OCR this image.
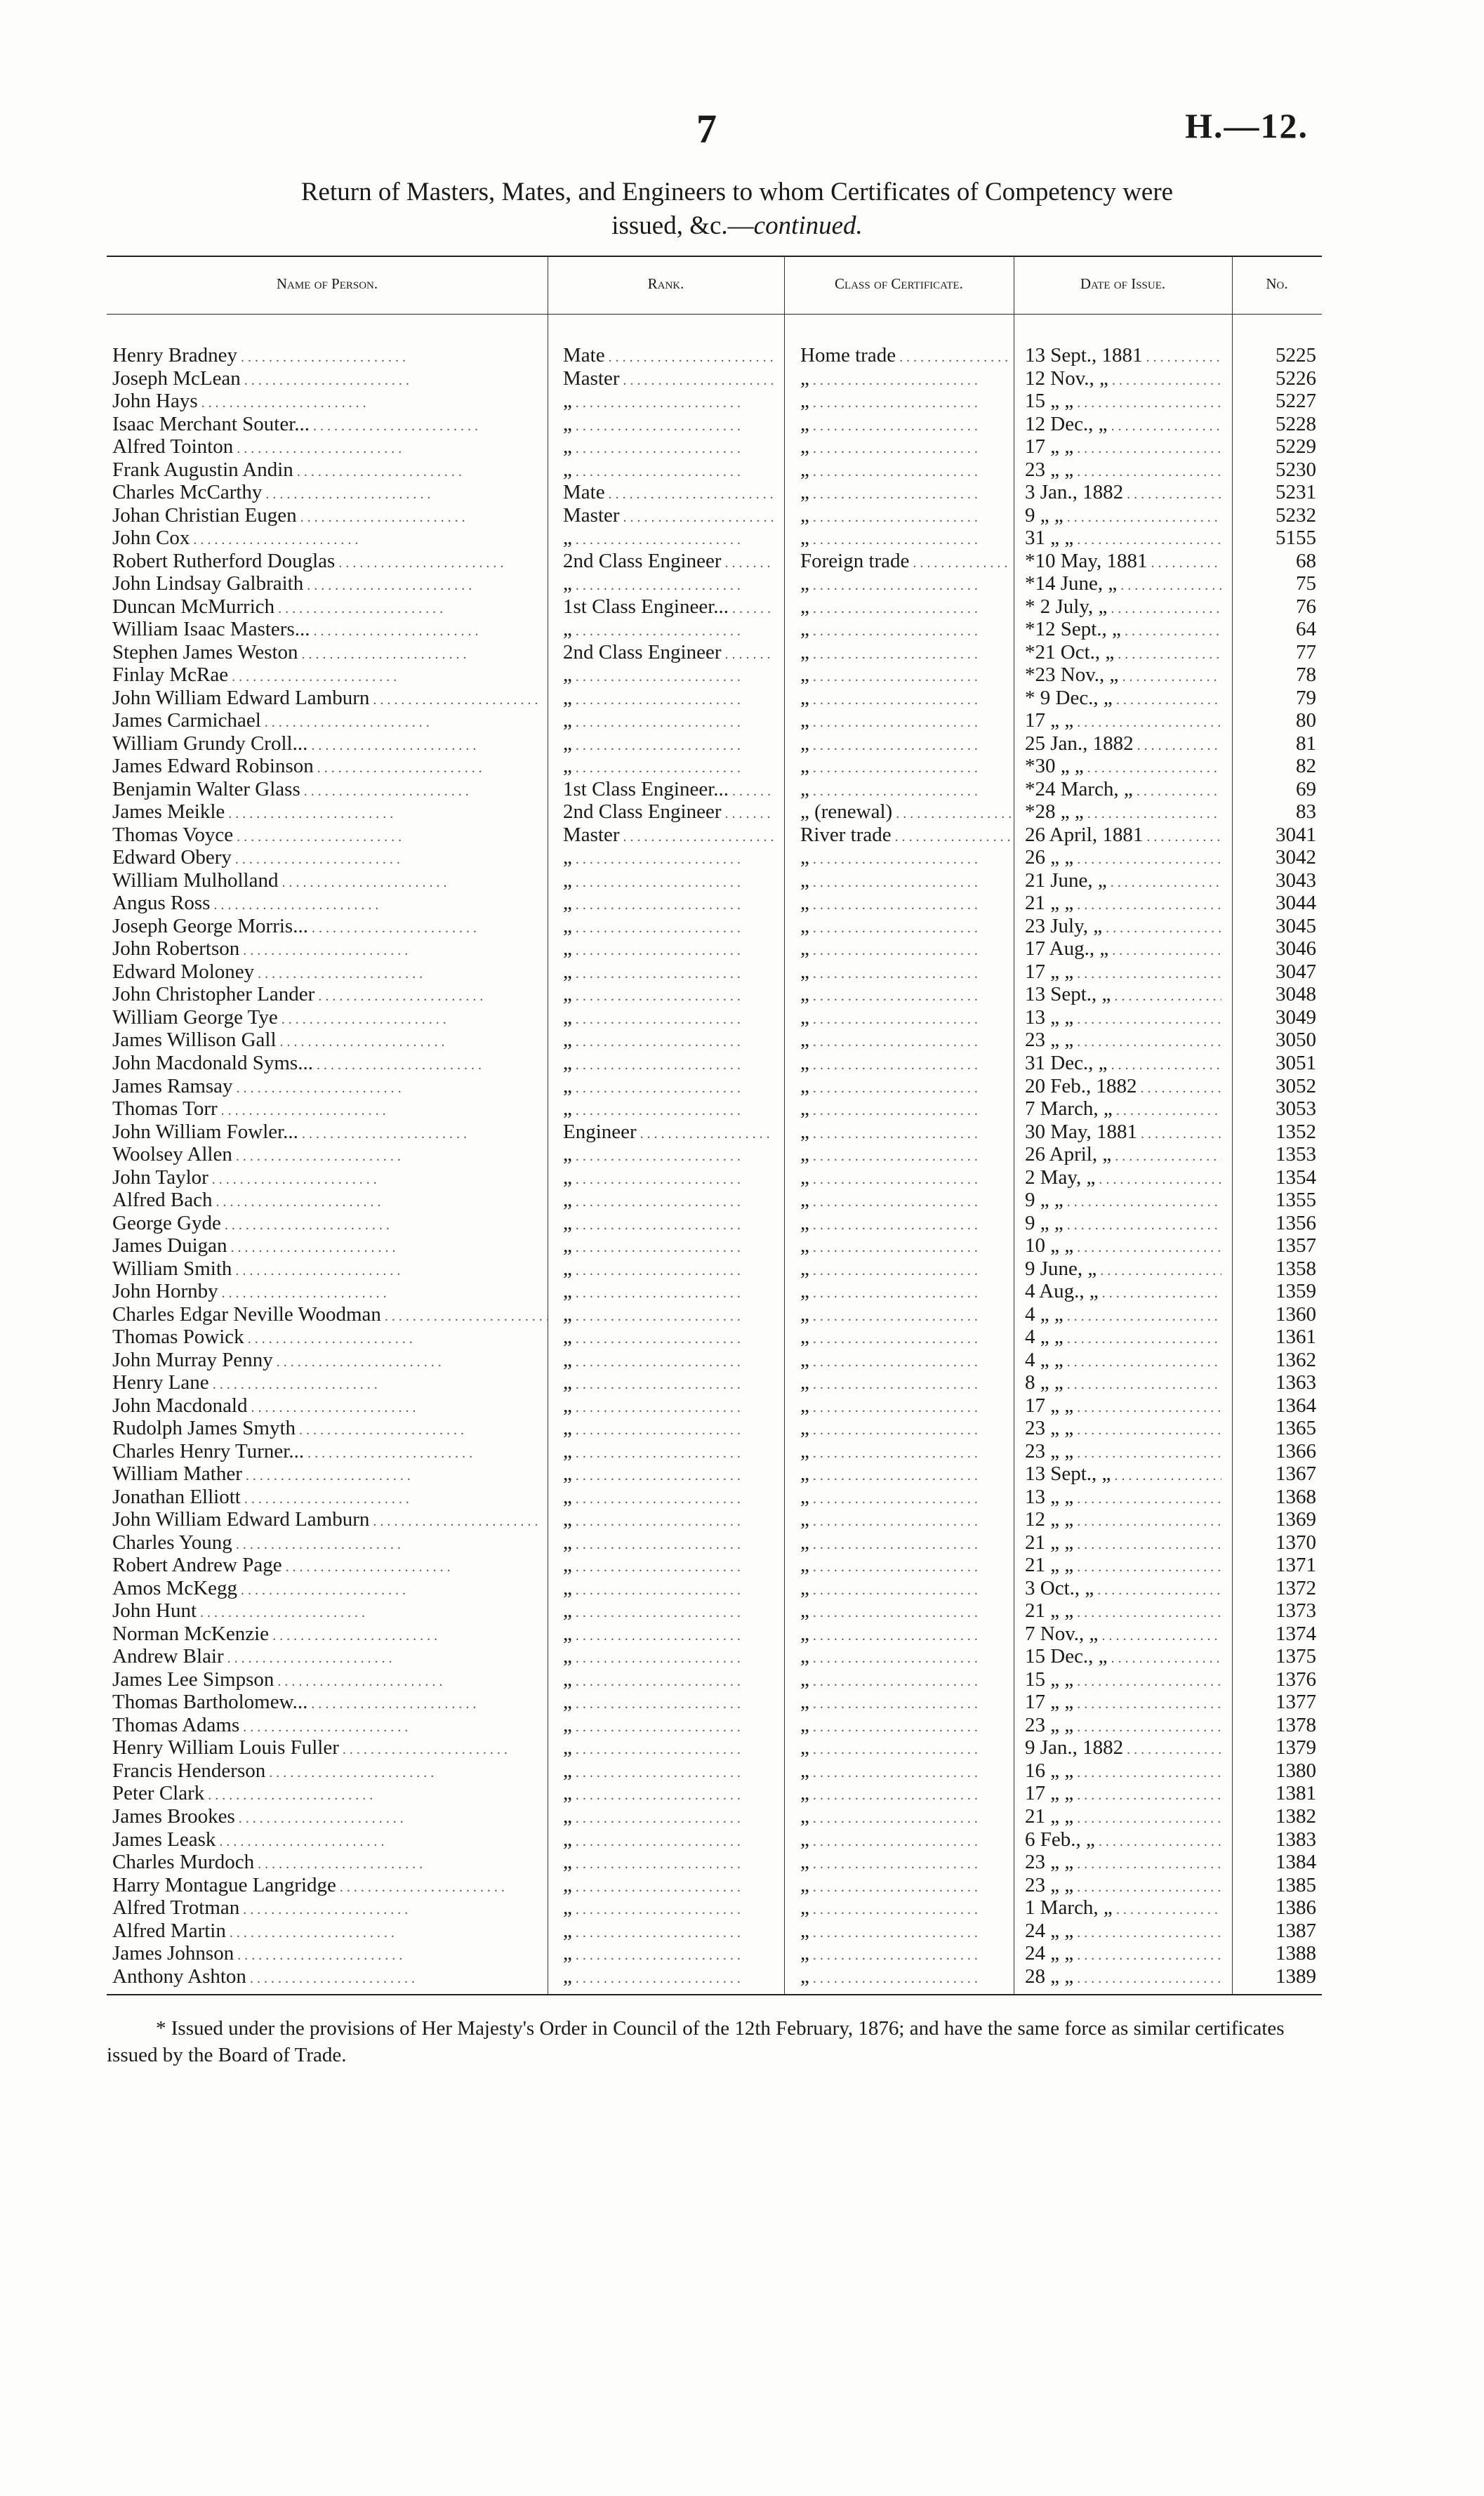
7	H.—12.
Return of Masters, Mates, and Engineers to whom Certificates of Competency were
issued, &c.—continued.
Name of Person.	Rank.	Class of Certificate.	Date of Issue.	No.
Henry Bradney . . .	Mate . . .	Home trade . . .	13 Sept., 1881 . . .	5225
Joseph McLean . . .	Master . . .	„ . . .	12 Nov., „ . . .	5226
John Hays . . .	„ . . .	„ . . .	15 „ „ . . .	5227
Isaac Merchant Souter... . . .	„ . . .	„ . . .	12 Dec., „ . . .	5228
Alfred Tointon . . .	„ . . .	„ . . .	17 „ „ . . .	5229
Frank Augustin Andin . . .	„ . . .	„ . . .	23 „ „ . . .	5230
Charles McCarthy . . .	Mate . . .	„ . . .	3 Jan., 1882 . . .	5231
Johan Christian Eugen . . .	Master . . .	„ . . .	9 „ „ . . .	5232
John Cox . . .	„ . . .	„ . . .	31 „ „ . . .	5155
Robert Rutherford Douglas . . .	2nd Class Engineer . . .	Foreign trade . . .	*10 May, 1881 . . .	68
John Lindsay Galbraith . . .	„ . . .	„ . . .	*14 June, „ . . .	75
Duncan McMurrich . . .	1st Class Engineer... . . .	„ . . .	* 2 July, „ . . .	76
William Isaac Masters... . . .	„ . . .	„ . . .	*12 Sept., „ . . .	64
Stephen James Weston . . .	2nd Class Engineer . . .	„ . . .	*21 Oct., „ . . .	77
Finlay McRae . . .	„ . . .	„ . . .	*23 Nov., „ . . .	78
John William Edward Lamburn . . .	„ . . .	„ . . .	* 9 Dec., „ . . .	79
James Carmichael . . .	„ . . .	„ . . .	17 „ „ . . .	80
William Grundy Croll... . . .	„ . . .	„ . . .	25 Jan., 1882 . . .	81
James Edward Robinson . . .	„ . . .	„ . . .	*30 „ „ . . .	82
Benjamin Walter Glass . . .	1st Class Engineer... . . .	„ . . .	*24 March, „ . . .	69
James Meikle . . .	2nd Class Engineer . . .	„ (renewal) . . .	*28 „ „ . . .	83
Thomas Voyce . . .	Master . . .	River trade . . .	26 April, 1881 . . .	3041
Edward Obery . . .	„ . . .	„ . . .	26 „ „ . . .	3042
William Mulholland . . .	„ . . .	„ . . .	21 June, „ . . .	3043
Angus Ross . . .	„ . . .	„ . . .	21 „ „ . . .	3044
Joseph George Morris... . . .	„ . . .	„ . . .	23 July, „ . . .	3045
John Robertson . . .	„ . . .	„ . . .	17 Aug., „ . . .	3046
Edward Moloney . . .	„ . . .	„ . . .	17 „ „ . . .	3047
John Christopher Lander . . .	„ . . .	„ . . .	13 Sept., „ . . .	3048
William George Tye . . .	„ . . .	„ . . .	13 „ „ . . .	3049
James Willison Gall . . .	„ . . .	„ . . .	23 „ „ . . .	3050
John Macdonald Syms... . . .	„ . . .	„ . . .	31 Dec., „ . . .	3051
James Ramsay . . .	„ . . .	„ . . .	20 Feb., 1882 . . .	3052
Thomas Torr . . .	„ . . .	„ . . .	7 March, „ . . .	3053
John William Fowler... . . .	Engineer . . .	„ . . .	30 May, 1881 . . .	1352
Woolsey Allen . . .	„ . . .	„ . . .	26 April, „ . . .	1353
John Taylor . . .	„ . . .	„ . . .	2 May, „ . . .	1354
Alfred Bach . . .	„ . . .	„ . . .	9 „ „ . . .	1355
George Gyde . . .	„ . . .	„ . . .	9 „ „ . . .	1356
James Duigan . . .	„ . . .	„ . . .	10 „ „ . . .	1357
William Smith . . .	„ . . .	„ . . .	9 June, „ . . .	1358
John Hornby . . .	„ . . .	„ . . .	4 Aug., „ . . .	1359
Charles Edgar Neville Woodman . . .	„ . . .	„ . . .	4 „ „ . . .	1360
Thomas Powick . . .	„ . . .	„ . . .	4 „ „ . . .	1361
John Murray Penny . . .	„ . . .	„ . . .	4 „ „ . . .	1362
Henry Lane . . .	„ . . .	„ . . .	8 „ „ . . .	1363
John Macdonald . . .	„ . . .	„ . . .	17 „ „ . . .	1364
Rudolph James Smyth . . .	„ . . .	„ . . .	23 „ „ . . .	1365
Charles Henry Turner... . . .	„ . . .	„ . . .	23 „ „ . . .	1366
William Mather . . .	„ . . .	„ . . .	13 Sept., „ . . .	1367
Jonathan Elliott . . .	„ . . .	„ . . .	13 „ „ . . .	1368
John William Edward Lamburn . . .	„ . . .	„ . . .	12 „ „ . . .	1369
Charles Young . . .	„ . . .	„ . . .	21 „ „ . . .	1370
Robert Andrew Page . . .	„ . . .	„ . . .	21 „ „ . . .	1371
Amos McKegg . . .	„ . . .	„ . . .	3 Oct., „ . . .	1372
John Hunt . . .	„ . . .	„ . . .	21 „ „ . . .	1373
Norman McKenzie . . .	„ . . .	„ . . .	7 Nov., „ . . .	1374
Andrew Blair . . .	„ . . .	„ . . .	15 Dec., „ . . .	1375
James Lee Simpson . . .	„ . . .	„ . . .	15 „ „ . . .	1376
Thomas Bartholomew... . . .	„ . . .	„ . . .	17 „ „ . . .	1377
Thomas Adams . . .	„ . . .	„ . . .	23 „ „ . . .	1378
Henry William Louis Fuller . . .	„ . . .	„ . . .	9 Jan., 1882 . . .	1379
Francis Henderson . . .	„ . . .	„ . . .	16 „ „ . . .	1380
Peter Clark . . .	„ . . .	„ . . .	17 „ „ . . .	1381
James Brookes . . .	„ . . .	„ . . .	21 „ „ . . .	1382
James Leask . . .	„ . . .	„ . . .	6 Feb., „ . . .	1383
Charles Murdoch . . .	„ . . .	„ . . .	23 „ „ . . .	1384
Harry Montague Langridge . . .	„ . . .	„ . . .	23 „ „ . . .	1385
Alfred Trotman . . .	„ . . .	„ . . .	1 March, „ . . .	1386
Alfred Martin . . .	„ . . .	„ . . .	24 „ „ . . .	1387
James Johnson . . .	„ . . .	„ . . .	24 „ „ . . .	1388
Anthony Ashton . . .	„ . . .	„ . . .	28 „ „ . . .	1389
* Issued under the provisions of Her Majesty's Order in Council of the 12th February, 1876; and have the same force as similar certificates issued by the Board of Trade.
